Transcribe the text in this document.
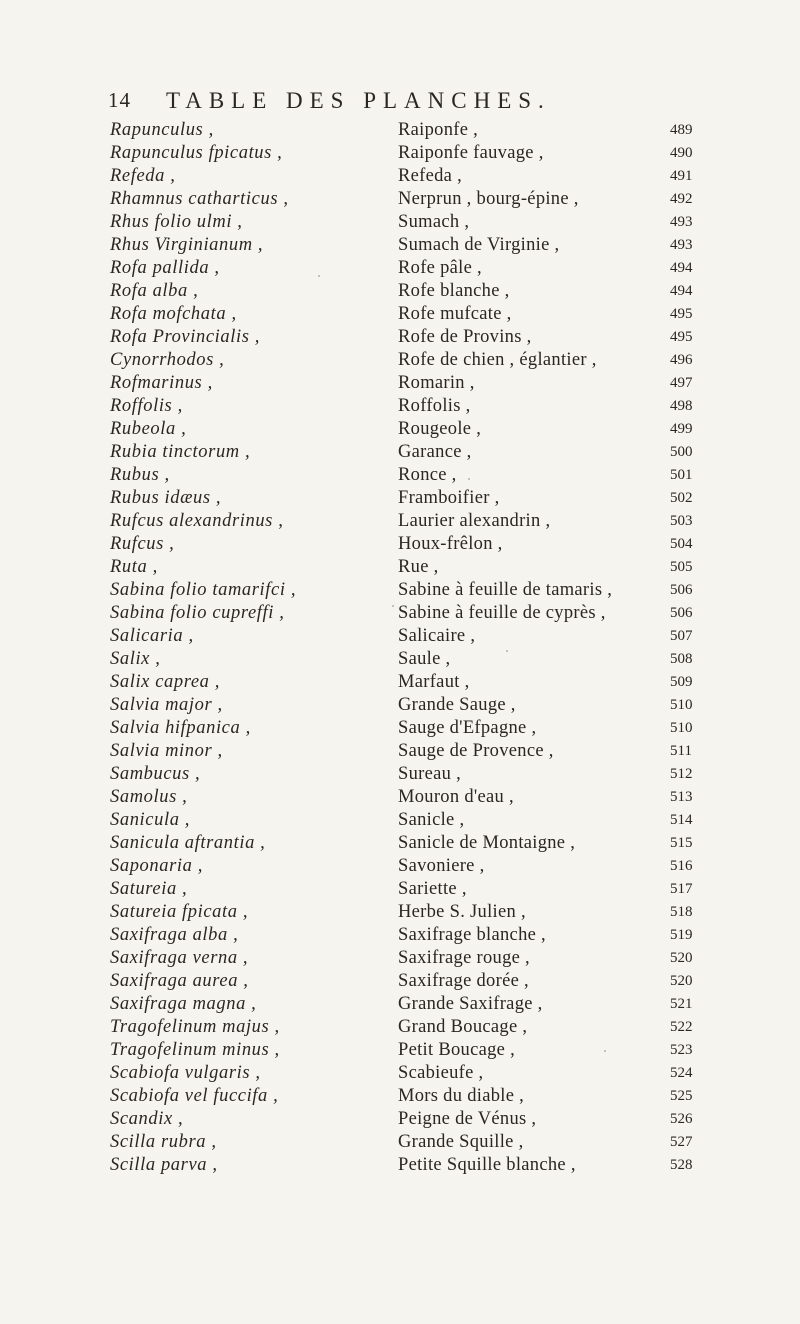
14 TABLE DES PLANCHES.
Rapunculus ,	Raiponfe ,	489
Rapunculus fpicatus ,	Raiponfe fauvage ,	490
Refeda ,	Refeda ,	491
Rhamnus catharticus ,	Nerprun , bourg-épine ,	492
Rhus folio ulmi ,	Sumach ,	493
Rhus Virginianum ,	Sumach de Virginie ,	493
Rofa pallida ,	Rofe pâle ,	494
Rofa alba ,	Rofe blanche ,	494
Rofa mofchata ,	Rofe mufcate ,	495
Rofa Provincialis ,	Rofe de Provins ,	495
Cynorrhodos ,	Rofe de chien , églantier ,	496
Rofmarinus ,	Romarin ,	497
Roffolis ,	Roffolis ,	498
Rubeola ,	Rougeole ,	499
Rubia tinctorum ,	Garance ,	500
Rubus ,	Ronce ,	501
Rubus idæus ,	Framboifier ,	502
Rufcus alexandrinus ,	Laurier alexandrin ,	503
Rufcus ,	Houx-frêlon ,	504
Ruta ,	Rue ,	505
Sabina folio tamarifci ,	Sabine à feuille de tamaris ,	506
Sabina folio cupreffi ,	Sabine à feuille de cyprès ,	506
Salicaria ,	Salicaire ,	507
Salix ,	Saule ,	508
Salix caprea ,	Marfaut ,	509
Salvia major ,	Grande Sauge ,	510
Salvia hifpanica ,	Sauge d'Efpagne ,	510
Salvia minor ,	Sauge de Provence ,	511
Sambucus ,	Sureau ,	512
Samolus ,	Mouron d'eau ,	513
Sanicula ,	Sanicle ,	514
Sanicula aftrantia ,	Sanicle de Montaigne ,	515
Saponaria ,	Savoniere ,	516
Satureia ,	Sariette ,	517
Satureia fpicata ,	Herbe S. Julien ,	518
Saxifraga alba ,	Saxifrage blanche ,	519
Saxifraga verna ,	Saxifrage rouge ,	520
Saxifraga aurea ,	Saxifrage dorée ,	520
Saxifraga magna ,	Grande Saxifrage ,	521
Tragofelinum majus ,	Grand Boucage ,	522
Tragofelinum minus ,	Petit Boucage ,	523
Scabiofa vulgaris ,	Scabieufe ,	524
Scabiofa vel fuccifa ,	Mors du diable ,	525
Scandix ,	Peigne de Vénus ,	526
Scilla rubra ,	Grande Squille ,	527
Scilla parva ,	Petite Squille blanche ,	528
